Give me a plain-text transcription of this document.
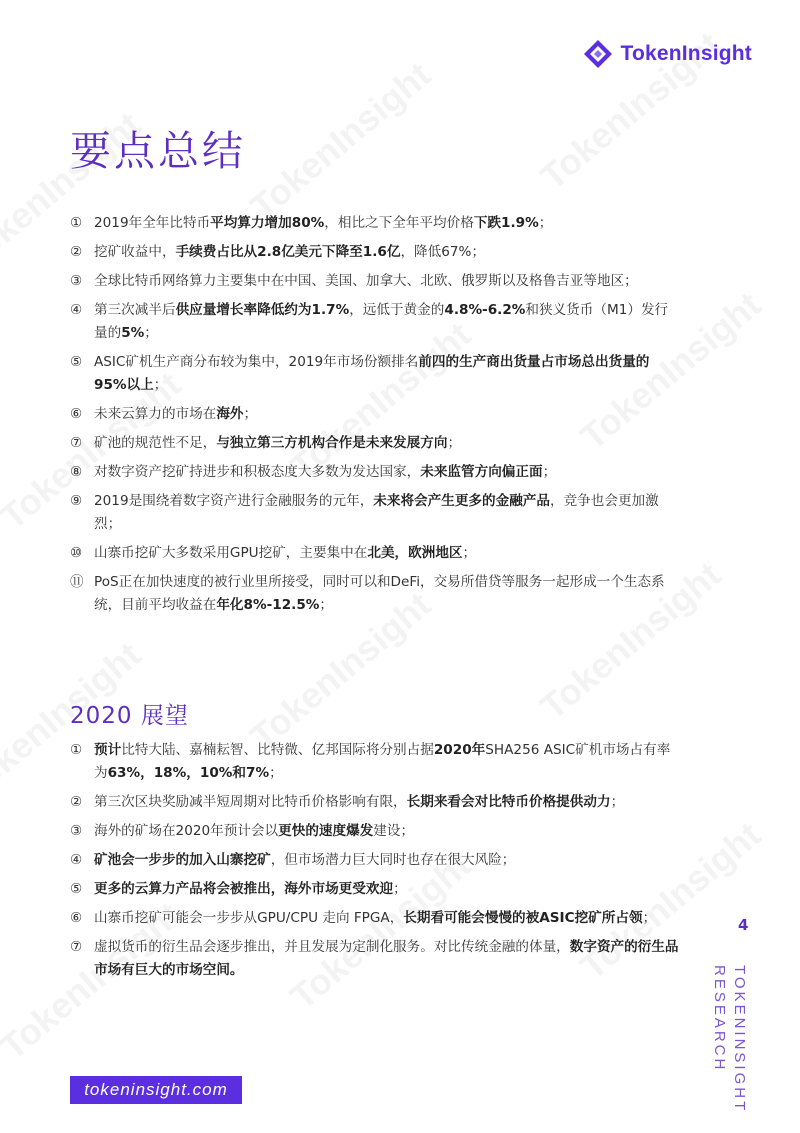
TokenInsight
要点总结
① 2019年全年比特币平均算力增加80%，相比之下全年平均价格下跌1.9%；
② 挖矿收益中，手续费占比从2.8亿美元下降至1.6亿，降低67%；
③ 全球比特币网络算力主要集中在中国、美国、加拿大、北欧、俄罗斯以及格鲁吉亚等地区；
④ 第三次减半后供应量增长率降低约为1.7%，远低于黄金的4.8%-6.2%和狭义货币（M1）发行量的5%；
⑤ ASIC矿机生产商分布较为集中，2019年市场份额排名前四的生产商出货量占市场总出货量的95%以上；
⑥ 未来云算力的市场在海外；
⑦ 矿池的规范性不足，与独立第三方机构合作是未来发展方向；
⑧ 对数字资产挖矿持进步和积极态度大多数为发达国家，未来监管方向偏正面；
⑨ 2019是围绕着数字资产进行金融服务的元年，未来将会产生更多的金融产品，竞争也会更加激烈；
⑩ 山寨币挖矿大多数采用GPU挖矿，主要集中在北美，欧洲地区；
⑪ PoS正在加快速度的被行业里所接受，同时可以和DeFi，交易所借贷等服务一起形成一个生态系统，目前平均收益在年化8%-12.5%；
2020 展望
① 预计比特大陆、嘉楠耘智、比特微、亿邦国际将分别占据2020年SHA256 ASIC矿机市场占有率为63%，18%，10%和7%；
② 第三次区块奖励减半短周期对比特币价格影响有限，长期来看会对比特币价格提供动力；
③ 海外的矿场在2020年预计会以更快的速度爆发建设；
④ 矿池会一步步的加入山寨挖矿，但市场潜力巨大同时也存在很大风险；
⑤ 更多的云算力产品将会被推出，海外市场更受欢迎；
⑥ 山寨币挖矿可能会一步步从GPU/CPU 走向 FPGA，长期看可能会慢慢的被ASIC挖矿所占领；
⑦ 虚拟货币的衍生品会逐步推出，并且发展为定制化服务。对比传统金融的体量，数字资产的衍生品市场有巨大的市场空间。
4
TOKENINSIGHT
RESEARCH
tokeninsight.com
